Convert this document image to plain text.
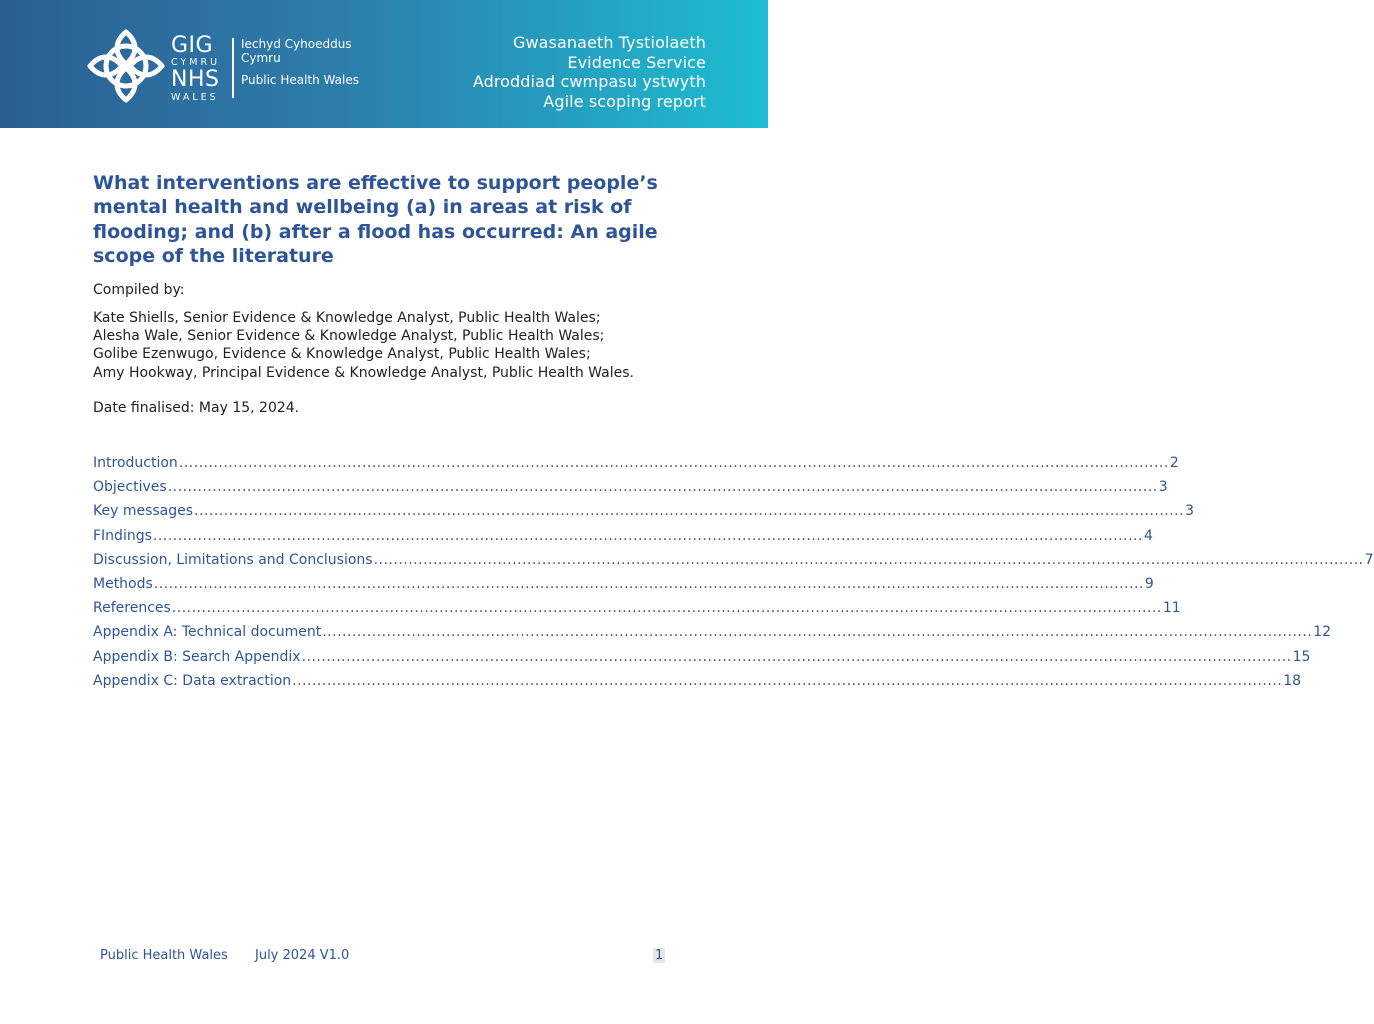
GIG
CYMRU
NHS
WALES
Iechyd Cyhoeddus Cymru
Public Health Wales
Gwasanaeth Tystiolaeth
Evidence Service
Adroddiad cwmpasu ystwyth
Agile scoping report
What interventions are effective to support people’s mental health and wellbeing (a) in areas at risk of flooding; and (b) after a flood has occurred: An agile scope of the literature
Compiled by:
Kate Shiells, Senior Evidence & Knowledge Analyst, Public Health Wales;
Alesha Wale, Senior Evidence & Knowledge Analyst, Public Health Wales;
Golibe Ezenwugo, Evidence & Knowledge Analyst, Public Health Wales;
Amy Hookway, Principal Evidence & Knowledge Analyst, Public Health Wales.
Date finalised: May 15, 2024.
Introduction ........................................................................................................................................................................................................ 2
Objectives ........................................................................................................................................................................................................ 3
Key messages ........................................................................................................................................................................................................ 3
FIndings ........................................................................................................................................................................................................ 4
Discussion, Limitations and Conclusions ........................................................................................................................................................................................................ 7
Methods ........................................................................................................................................................................................................ 9
References ........................................................................................................................................................................................................ 11
Appendix A: Technical document ........................................................................................................................................................................................................ 12
Appendix B: Search Appendix ........................................................................................................................................................................................................ 15
Appendix C: Data extraction ........................................................................................................................................................................................................ 18
Public Health Wales July 2024 V1.0	1
